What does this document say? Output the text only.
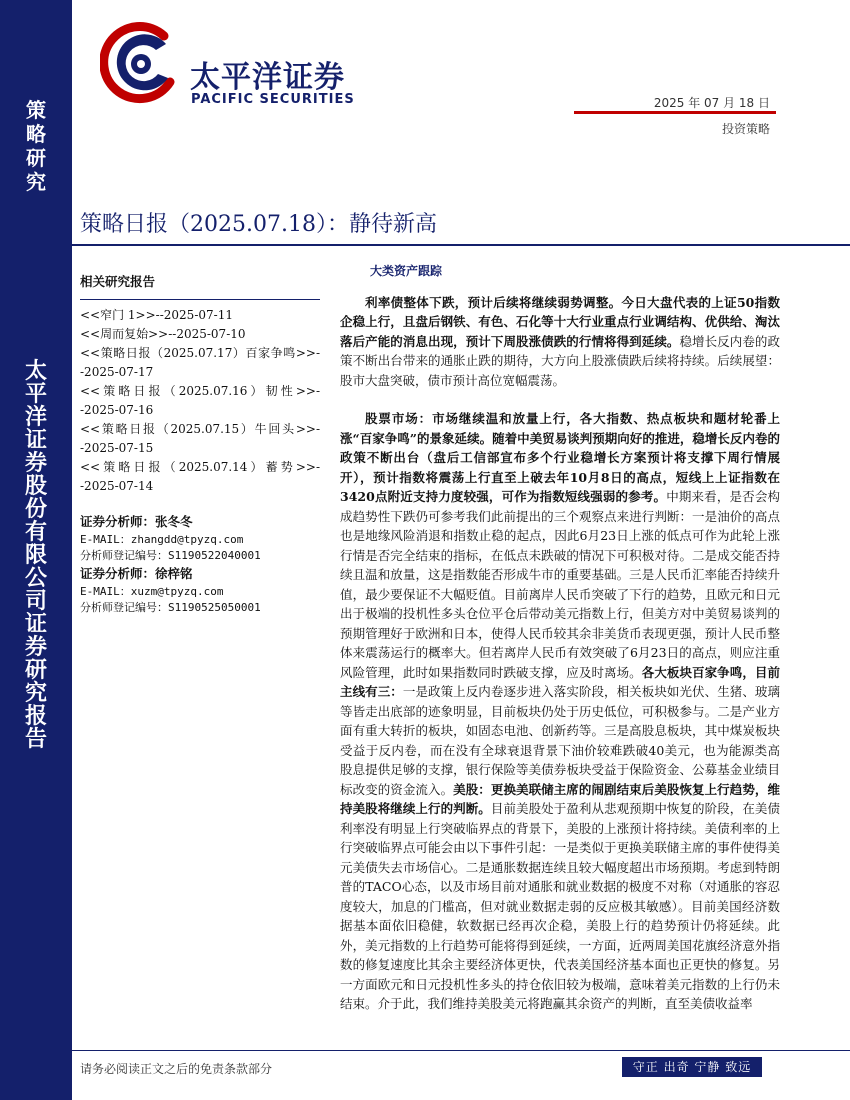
策
略
研
究
太
平
洋
证
券
股
份
有
限
公
司
证
券
研
究
报
告
太平洋证券
PACIFIC SECURITIES	2025 年 07 月 18 日
投资策略
策略日报（2025.07.18）：静待新高
相关研究报告

<<窄门 1>>--2025-07-11

<<周而复始>>--2025-07-10

<<策略日报（2025.07.17）百家争鸣>>--2025-07-17

<<策略日报（2025.07.16）韧性>>--2025-07-16

<<策略日报（2025.07.15）牛回头>>--2025-07-15

<<策略日报（2025.07.14）蓄势>>--2025-07-14

证券分析师：张冬冬
E-MAIL：zhangdd@tpyzq.com
分析师登记编号：S1190522040001
证券分析师：徐梓铭
E-MAIL：xuzm@tpyzq.com
分析师登记编号：S1190525050001
大类资产跟踪

利率债整体下跌，预计后续将继续弱势调整。今日大盘代表的上证50指数企稳上行，且盘后钢铁、有色、石化等十大行业重点行业调结构、优供给、淘汰落后产能的消息出现，预计下周股涨债跌的行情将得到延续。稳增长反内卷的政策不断出台带来的通胀止跌的期待，大方向上股涨债跌后续将持续。后续展望：股市大盘突破，债市预计高位宽幅震荡。

股票市场：市场继续温和放量上行，各大指数、热点板块和题材轮番上涨“百家争鸣”的景象延续。随着中美贸易谈判预期向好的推进，稳增长反内卷的政策不断出台（盘后工信部宣布多个行业稳增长方案预计将支撑下周行情展开），预计指数将震荡上行直至上破去年10月8日的高点，短线上上证指数在3420点附近支持力度较强，可作为指数短线强弱的参考。中期来看，是否会构成趋势性下跌仍可参考我们此前提出的三个观察点来进行判断：一是油价的高点也是地缘风险消退和指数止稳的起点，因此6月23日上涨的低点可作为此轮上涨行情是否完全结束的指标，在低点未跌破的情况下可积极对待。二是成交能否持续且温和放量，这是指数能否形成牛市的重要基础。三是人民币汇率能否持续升值，最少要保证不大幅贬值。目前离岸人民币突破了下行的趋势，且欧元和日元出于极端的投机性多头仓位平仓后带动美元指数上行，但美方对中美贸易谈判的预期管理好于欧洲和日本，使得人民币较其余非美货币表现更强，预计人民币整体来震荡运行的概率大。但若离岸人民币有效突破了6月23日的高点，则应注重风险管理，此时如果指数同时跌破支撑，应及时离场。各大板块百家争鸣，目前主线有三：一是政策上反内卷逐步进入落实阶段，相关板块如光伏、生猪、玻璃等皆走出底部的迹象明显，目前板块仍处于历史低位，可积极参与。二是产业方面有重大转折的板块，如固态电池、创新药等。三是高股息板块，其中煤炭板块受益于反内卷，而在没有全球衰退背景下油价较难跌破40美元，也为能源类高股息提供足够的支撑，银行保险等美债券板块受益于保险资金、公募基金业绩目标改变的资金流入。美股：更换美联储主席的闹剧结束后美股恢复上行趋势，维持美股将继续上行的判断。目前美股处于盈利从悲观预期中恢复的阶段，在美债利率没有明显上行突破临界点的背景下，美股的上涨预计将持续。美债利率的上行突破临界点可能会由以下事件引起：一是类似于更换美联储主席的事件使得美元美债失去市场信心。二是通胀数据连续且较大幅度超出市场预期。考虑到特朗普的TACO心态，以及市场目前对通胀和就业数据的极度不对称（对通胀的容忍度较大，加息的门槛高，但对就业数据走弱的反应极其敏感）。目前美国经济数据基本面依旧稳健，软数据已经再次企稳，美股上行的趋势预计仍将延续。此外，美元指数的上行趋势可能将得到延续，一方面，近两周美国花旗经济意外指数的修复速度比其余主要经济体更快，代表美国经济基本面也正更快的修复。另一方面欧元和日元投机性多头的持仓依旧较为极端，意味着美元指数的上行仍未结束。介于此，我们维持美股美元将跑赢其余资产的判断，直至美债收益率

请务必阅读正文之后的免责条款部分	守正 出奇 宁静 致远
